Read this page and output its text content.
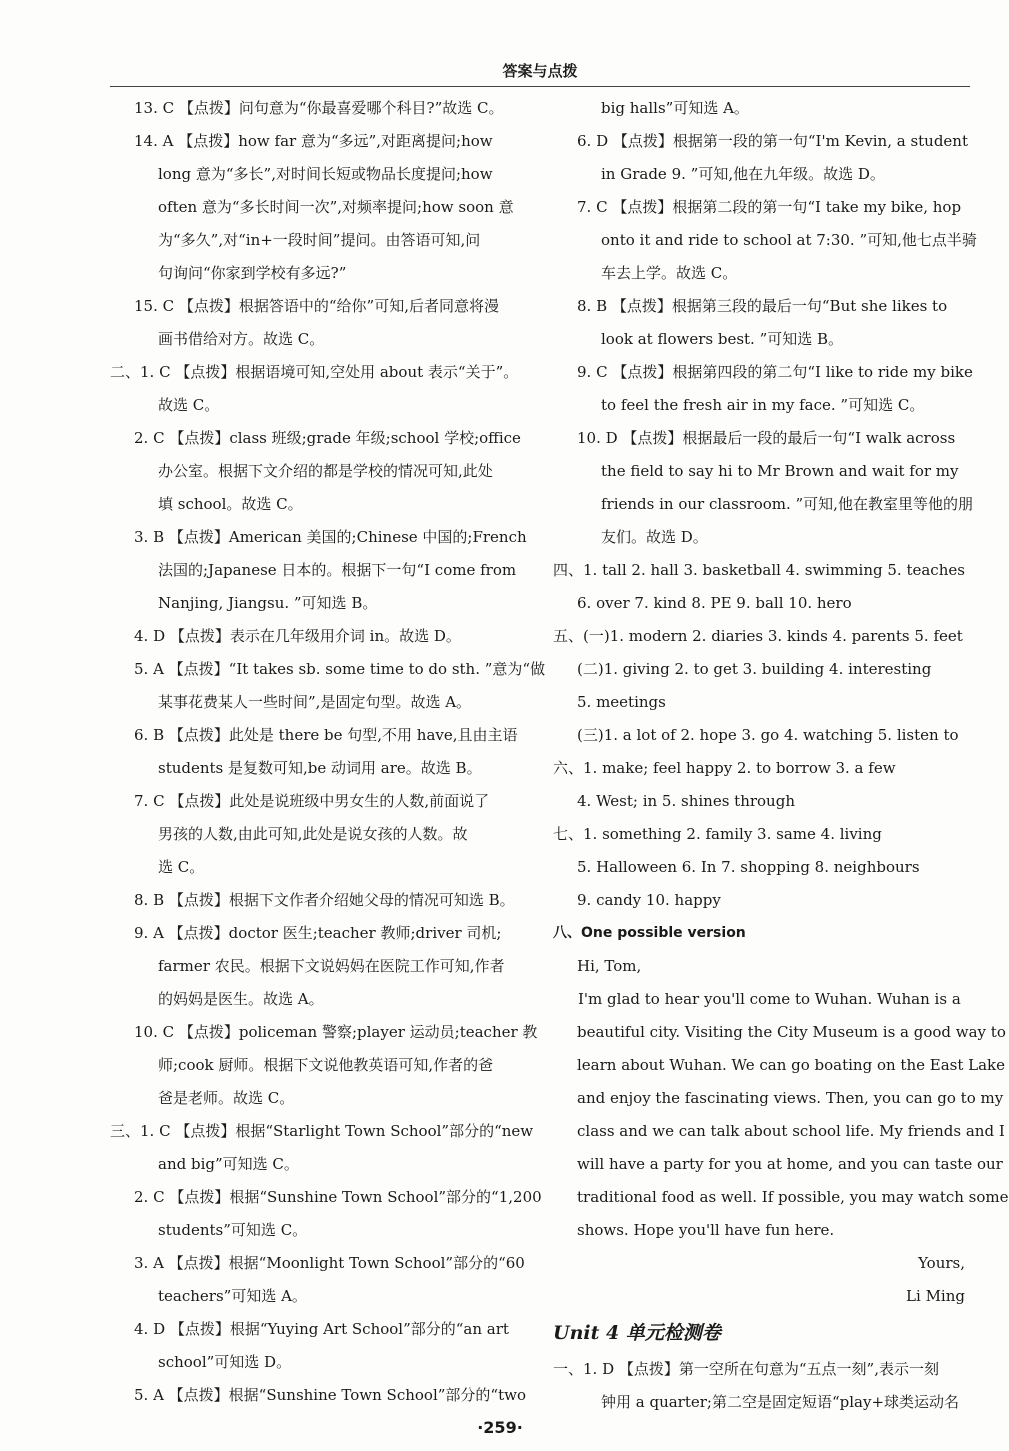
答案与点拨
13. C 【点拨】问句意为“你最喜爱哪个科目?”故选 C。
14. A 【点拨】how far 意为“多远”,对距离提问;how
long 意为“多长”,对时间长短或物品长度提问;how
often 意为“多长时间一次”,对频率提问;how soon 意
为“多久”,对“in+一段时间”提问。由答语可知,问
句询问“你家到学校有多远?”
15. C 【点拨】根据答语中的“给你”可知,后者同意将漫
画书借给对方。故选 C。
二、1. C 【点拨】根据语境可知,空处用 about 表示“关于”。
故选 C。
2. C 【点拨】class 班级;grade 年级;school 学校;office
办公室。根据下文介绍的都是学校的情况可知,此处
填 school。故选 C。
3. B 【点拨】American 美国的;Chinese 中国的;French
法国的;Japanese 日本的。根据下一句“I come from
Nanjing, Jiangsu. ”可知选 B。
4. D 【点拨】表示在几年级用介词 in。故选 D。
5. A 【点拨】“It takes sb. some time to do sth. ”意为“做
某事花费某人一些时间”,是固定句型。故选 A。
6. B 【点拨】此处是 there be 句型,不用 have,且由主语
students 是复数可知,be 动词用 are。故选 B。
7. C 【点拨】此处是说班级中男女生的人数,前面说了
男孩的人数,由此可知,此处是说女孩的人数。故
选 C。
8. B 【点拨】根据下文作者介绍她父母的情况可知选 B。
9. A 【点拨】doctor 医生;teacher 教师;driver 司机;
farmer 农民。根据下文说妈妈在医院工作可知,作者
的妈妈是医生。故选 A。
10. C 【点拨】policeman 警察;player 运动员;teacher 教
师;cook 厨师。根据下文说他教英语可知,作者的爸
爸是老师。故选 C。
三、1. C 【点拨】根据“Starlight Town School”部分的“new
and big”可知选 C。
2. C 【点拨】根据“Sunshine Town School”部分的“1,200
students”可知选 C。
3. A 【点拨】根据“Moonlight Town School”部分的“60
teachers”可知选 A。
4. D 【点拨】根据“Yuying Art School”部分的“an art
school”可知选 D。
5. A 【点拨】根据“Sunshine Town School”部分的“two
big halls”可知选 A。
6. D 【点拨】根据第一段的第一句“I'm Kevin, a student
in Grade 9. ”可知,他在九年级。故选 D。
7. C 【点拨】根据第二段的第一句“I take my bike, hop
onto it and ride to school at 7:30. ”可知,他七点半骑
车去上学。故选 C。
8. B 【点拨】根据第三段的最后一句“But she likes to
look at flowers best. ”可知选 B。
9. C 【点拨】根据第四段的第二句“I like to ride my bike
to feel the fresh air in my face. ”可知选 C。
10. D 【点拨】根据最后一段的最后一句“I walk across
the field to say hi to Mr Brown and wait for my
friends in our classroom. ”可知,他在教室里等他的朋
友们。故选 D。
四、1. tall 2. hall 3. basketball 4. swimming 5. teaches
6. over 7. kind 8. PE 9. ball 10. hero
五、(一)1. modern 2. diaries 3. kinds 4. parents 5. feet
(二)1. giving 2. to get 3. building 4. interesting
5. meetings
(三)1. a lot of 2. hope 3. go 4. watching 5. listen to
六、1. make; feel happy 2. to borrow 3. a few
4. West; in 5. shines through
七、1. something 2. family 3. same 4. living
5. Halloween 6. In 7. shopping 8. neighbours
9. candy 10. happy
八、One possible version
Hi, Tom,
I'm glad to hear you'll come to Wuhan. Wuhan is a
beautiful city. Visiting the City Museum is a good way to
learn about Wuhan. We can go boating on the East Lake
and enjoy the fascinating views. Then, you can go to my
class and we can talk about school life. My friends and I
will have a party for you at home, and you can taste our
traditional food as well. If possible, you may watch some
shows. Hope you'll have fun here.
Yours,
Li Ming
Unit 4 单元检测卷
一、1. D 【点拨】第一空所在句意为“五点一刻”,表示一刻
钟用 a quarter;第二空是固定短语“play+球类运动名
·259·
